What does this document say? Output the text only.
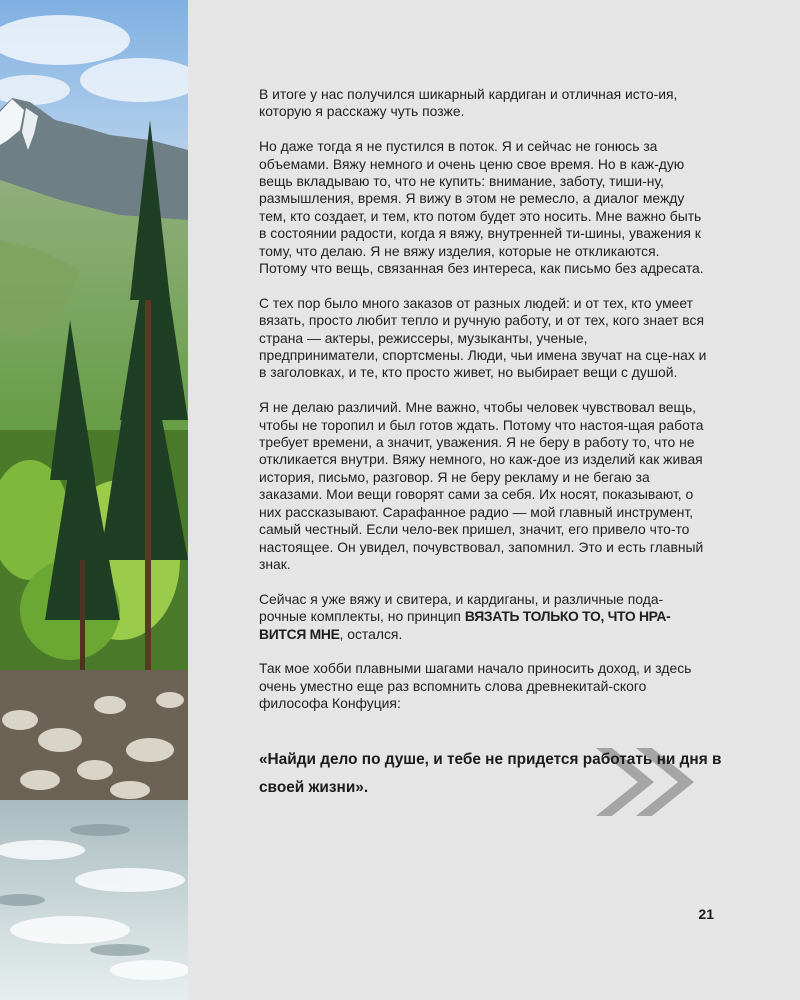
В итоге у нас получился шикарный кардиган и отличная исто-ия, которую я расскажу чуть позже.

Но даже тогда я не пустился в поток. Я и сейчас не гонюсь за объемами. Вяжу немного и очень ценю свое время. Но в каж-дую вещь вкладываю то, что не купить: внимание, заботу, тиши-ну, размышления, время. Я вижу в этом не ремесло, а диалог между тем, кто создает, и тем, кто потом будет это носить. Мне важно быть в состоянии радости, когда я вяжу, внутренней ти-шины, уважения к тому, что делаю. Я не вяжу изделия, которые не откликаются. Потому что вещь, связанная без интереса, как письмо без адресата.

С тех пор было много заказов от разных людей: и от тех, кто умеет вязать, просто любит тепло и ручную работу, и от тех, кого знает вся страна — актеры, режиссеры, музыканты, ученые, предприниматели, спортсмены. Люди, чьи имена звучат на сце-нах и в заголовках, и те, кто просто живет, но выбирает вещи с душой.

Я не делаю различий. Мне важно, чтобы человек чувствовал вещь, чтобы не торопил и был готов ждать. Потому что настоя-щая работа требует времени, а значит, уважения. Я не беру в работу то, что не откликается внутри. Вяжу немного, но каж-дое из изделий как живая история, письмо, разговор. Я не беру рекламу и не бегаю за заказами. Мои вещи говорят сами за себя. Их носят, показывают, о них рассказывают. Сарафанное радио — мой главный инструмент, самый честный. Если чело-век пришел, значит, его привело что-то настоящее. Он увидел, почувствовал, запомнил. Это и есть главный знак.

Сейчас я уже вяжу и свитера, и кардиганы, и различные пода-рочные комплекты, но принцип ВЯЗАТЬ ТОЛЬКО ТО, ЧТО НРА-ВИТСЯ МНЕ, остался.

Так мое хобби плавными шагами начало приносить доход, и здесь очень уместно еще раз вспомнить слова древнекитай-ского философа Конфуция:

«Найди дело по душе, и тебе не придется работать ни дня в своей жизни».
21
